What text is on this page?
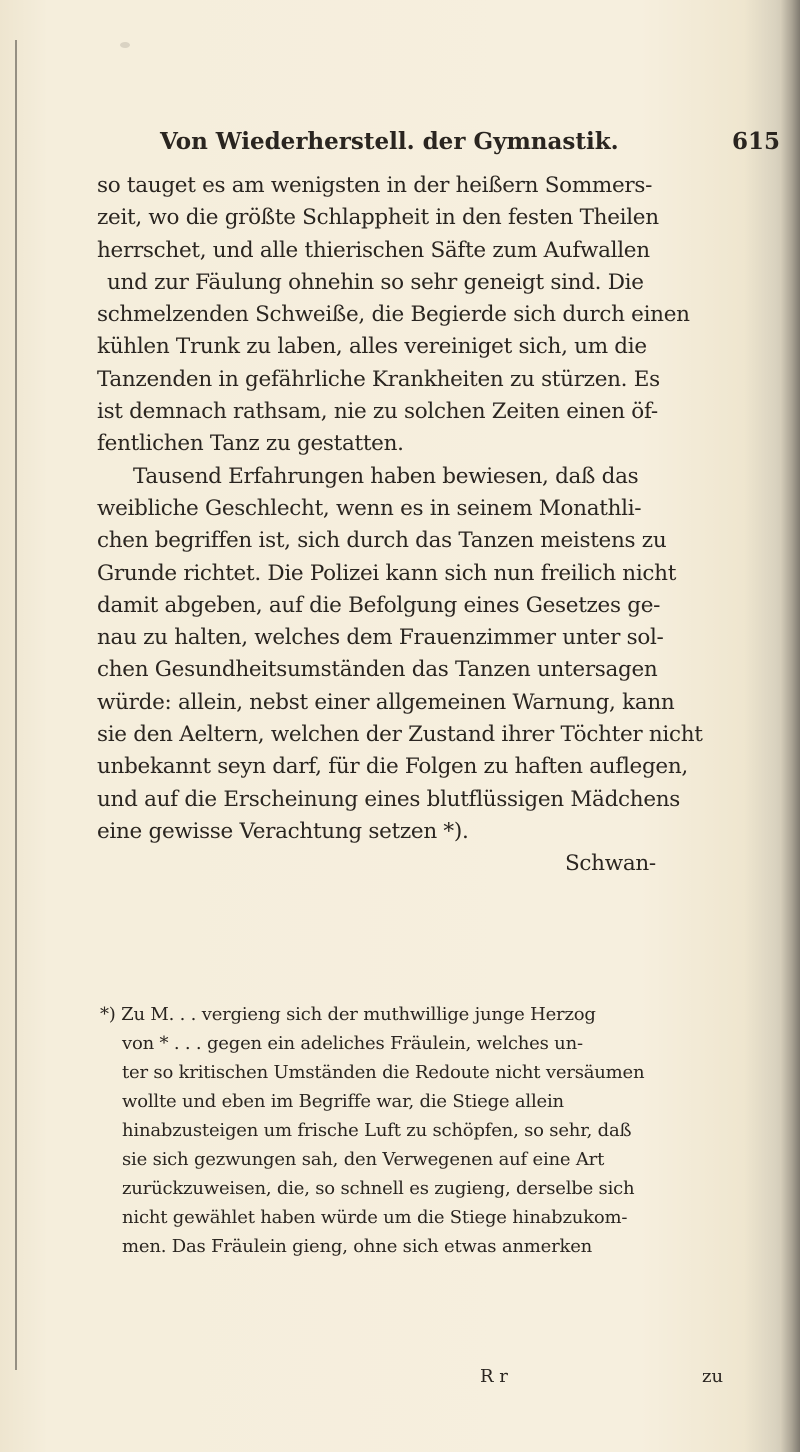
Von Wiederherstell. der Gymnastik.	615
so tauget es am wenigsten in der heißern Sommers-
zeit, wo die größte Schlappheit in den festen Theilen
herrschet, und alle thierischen Säfte zum Aufwallen
und zur Fäulung ohnehin so sehr geneigt sind. Die
schmelzenden Schweiße, die Begierde sich durch einen
kühlen Trunk zu laben, alles vereiniget sich, um die
Tanzenden in gefährliche Krankheiten zu stürzen. Es
ist demnach rathsam, nie zu solchen Zeiten einen öf-
fentlichen Tanz zu gestatten.
Tausend Erfahrungen haben bewiesen, daß das
weibliche Geschlecht, wenn es in seinem Monathli-
chen begriffen ist, sich durch das Tanzen meistens zu
Grunde richtet. Die Polizei kann sich nun freilich nicht
damit abgeben, auf die Befolgung eines Gesetzes ge-
nau zu halten, welches dem Frauenzimmer unter sol-
chen Gesundheitsumständen das Tanzen untersagen
würde: allein, nebst einer allgemeinen Warnung, kann
sie den Aeltern, welchen der Zustand ihrer Töchter nicht
unbekannt seyn darf, für die Folgen zu haften auflegen,
und auf die Erscheinung eines blutflüssigen Mädchens
eine gewisse Verachtung setzen *).
Schwan-
*) Zu M. . . vergieng sich der muthwillige junge Herzog
von * . . . gegen ein adeliches Fräulein, welches un-
ter so kritischen Umständen die Redoute nicht versäumen
wollte und eben im Begriffe war, die Stiege allein
hinabzusteigen um frische Luft zu schöpfen, so sehr, daß
sie sich gezwungen sah, den Verwegenen auf eine Art
zurückzuweisen, die, so schnell es zugieng, derselbe sich
nicht gewählet haben würde um die Stiege hinabzukom-
men. Das Fräulein gieng, ohne sich etwas anmerken
R r	zu
